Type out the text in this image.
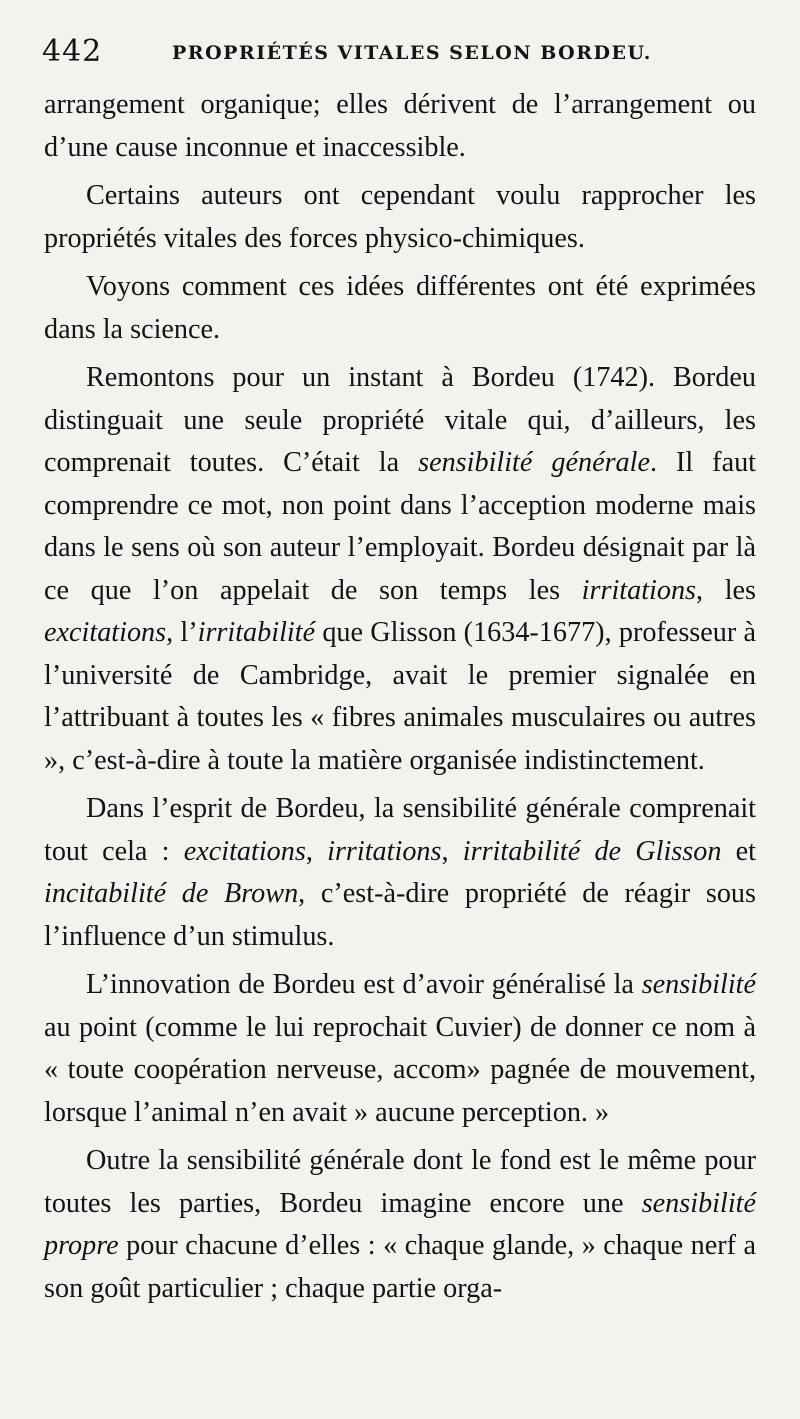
442	PROPRIÉTÉS VITALES SELON BORDEU.

arrangement organique; elles dérivent de l’arrangement ou d’une cause inconnue et inaccessible.

Certains auteurs ont cependant voulu rapprocher les propriétés vitales des forces physico-chimiques.

Voyons comment ces idées différentes ont été exprimées dans la science.

Remontons pour un instant à Bordeu (1742). Bordeu distinguait une seule propriété vitale qui, d’ailleurs, les comprenait toutes. C’était la sensibilité générale. Il faut comprendre ce mot, non point dans l’acception moderne mais dans le sens où son auteur l’employait. Bordeu désignait par là ce que l’on appelait de son temps les irritations, les excitations, l’irritabilité que Glisson (1634-1677), professeur à l’université de Cambridge, avait le premier signalée en l’attribuant à toutes les « fibres animales musculaires ou autres », c’est-à-dire à toute la matière organisée indistinctement.

Dans l’esprit de Bordeu, la sensibilité générale comprenait tout cela : excitations, irritations, irritabilité de Glisson et incitabilité de Brown, c’est-à-dire propriété de réagir sous l’influence d’un stimulus.

L’innovation de Bordeu est d’avoir généralisé la sensibilité au point (comme le lui reprochait Cuvier) de donner ce nom à « toute coopération nerveuse, accom» pagnée de mouvement, lorsque l’animal n’en avait » aucune perception. »

Outre la sensibilité générale dont le fond est le même pour toutes les parties, Bordeu imagine encore une sensibilité propre pour chacune d’elles : « chaque glande, » chaque nerf a son goût particulier ; chaque partie orga-
